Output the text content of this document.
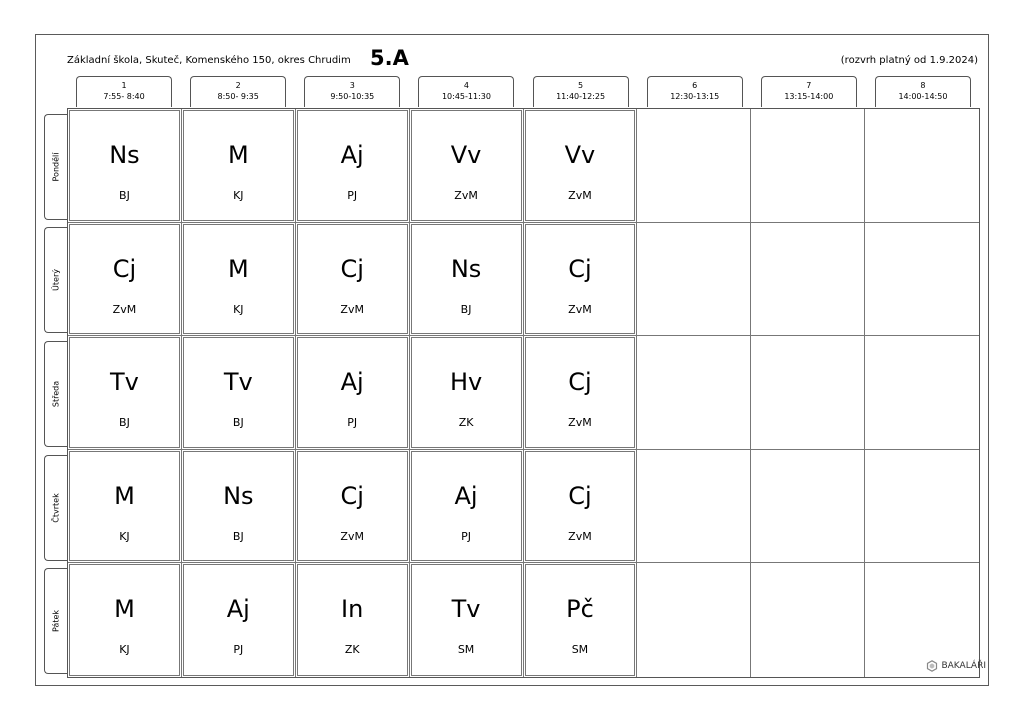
Základní škola, Skuteč, Komenského 150, okres Chrudim 5.A	(rozvrh platný od 1.9.2024)
1
7:55- 8:40
2
8:50- 9:35
3
9:50-10:35
4
10:45-11:30
5
11:40-12:25
6
12:30-13:15
7
13:15-14:00
8
14:00-14:50
Pondělí
Úterý
Středa
Čtvrtek
Pátek
Ns
BJ
M
KJ
Aj
PJ
Vv
ZvM
Vv
ZvM
Cj
ZvM
M
KJ
Cj
ZvM
Ns
BJ
Cj
ZvM
Tv
BJ
Tv
BJ
Aj
PJ
Hv
ZK
Cj
ZvM
M
KJ
Ns
BJ
Cj
ZvM
Aj
PJ
Cj
ZvM
M
KJ
Aj
PJ
In
ZK
Tv
SM
Pč
SM
BAKALÁŘI
